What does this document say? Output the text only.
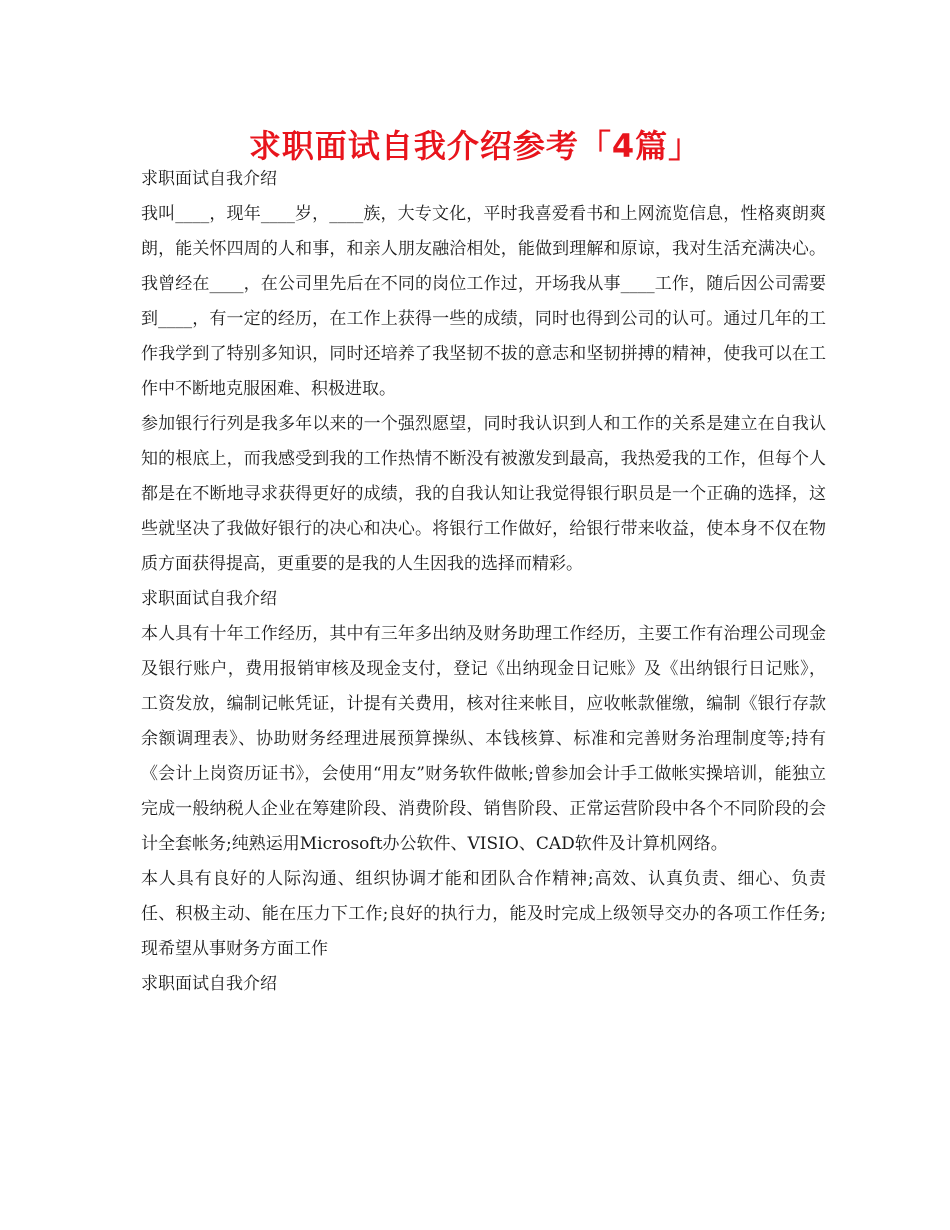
求职面试自我介绍参考「4篇」

求职面试自我介绍

我叫____，现年____岁，____族，大专文化，平时我喜爱看书和上网流览信息，性格爽朗爽朗，能关怀四周的人和事，和亲人朋友融洽相处，能做到理解和原谅，我对生活充满决心。我曾经在____，在公司里先后在不同的岗位工作过，开场我从事____工作，随后因公司需要到____，有一定的经历，在工作上获得一些的成绩，同时也得到公司的认可。通过几年的工作我学到了特别多知识，同时还培养了我坚韧不拔的意志和坚韧拼搏的精神，使我可以在工作中不断地克服困难、积极进取。

参加银行行列是我多年以来的一个强烈愿望，同时我认识到人和工作的关系是建立在自我认知的根底上，而我感受到我的工作热情不断没有被激发到最高，我热爱我的工作，但每个人都是在不断地寻求获得更好的成绩，我的自我认知让我觉得银行职员是一个正确的选择，这些就坚决了我做好银行的决心和决心。将银行工作做好，给银行带来收益，使本身不仅在物质方面获得提高，更重要的是我的人生因我的选择而精彩。

求职面试自我介绍

本人具有十年工作经历，其中有三年多出纳及财务助理工作经历，主要工作有治理公司现金及银行账户，费用报销审核及现金支付，登记《出纳现金日记账》及《出纳银行日记账》，工资发放，编制记帐凭证，计提有关费用，核对往来帐目，应收帐款催缴，编制《银行存款余额调理表》、协助财务经理进展预算操纵、本钱核算、标准和完善财务治理制度等;持有《会计上岗资历证书》，会使用“用友”财务软件做帐;曾参加会计手工做帐实操培训，能独立完成一般纳税人企业在筹建阶段、消费阶段、销售阶段、正常运营阶段中各个不同阶段的会计全套帐务;纯熟运用Microsoft办公软件、VISIO、CAD软件及计算机网络。

本人具有良好的人际沟通、组织协调才能和团队合作精神;高效、认真负责、细心、负责任、积极主动、能在压力下工作;良好的执行力，能及时完成上级领导交办的各项工作任务;现希望从事财务方面工作

求职面试自我介绍
